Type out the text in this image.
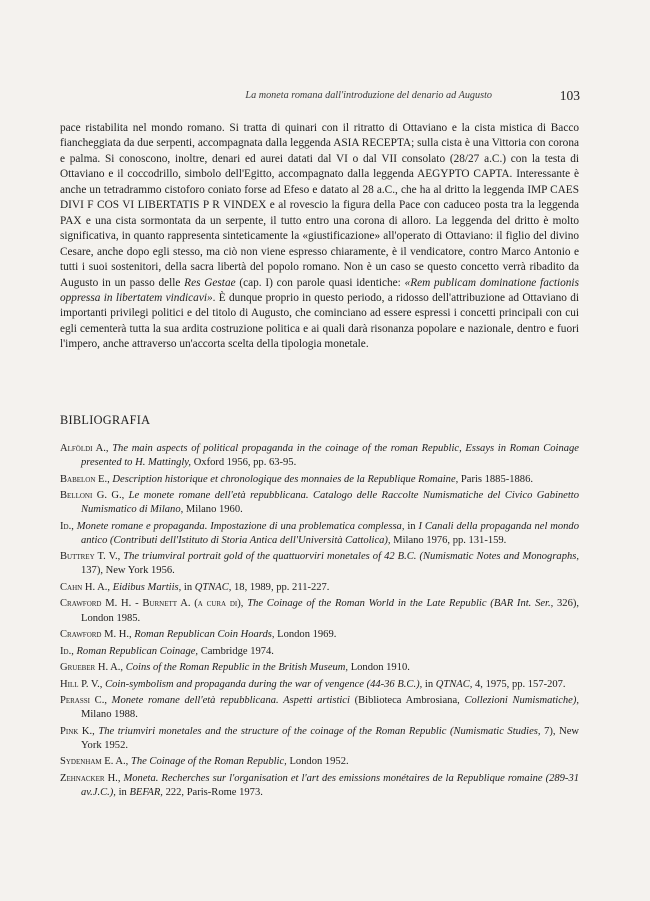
La moneta romana dall'introduzione del denario ad Augusto	103

pace ristabilita nel mondo romano. Si tratta di quinari con il ritratto di Ottaviano e la cista mistica di Bacco fiancheggiata da due serpenti, accompagnata dalla leggenda ASIA RECEPTA; sulla cista è una Vittoria con corona e palma. Si conoscono, inoltre, denari ed aurei datati dal VI o dal VII consolato (28/27 a.C.) con la testa di Ottaviano e il coccodrillo, simbolo dell'Egitto, accompagnato dalla leggenda AEGYPTO CAPTA. Interessante è anche un tetradrammo cistoforo coniato forse ad Efeso e datato al 28 a.C., che ha al dritto la leggenda IMP CAES DIVI F COS VI LIBERTATIS P R VINDEX e al rovescio la figura della Pace con caduceo posta tra la leggenda PAX e una cista sormontata da un serpente, il tutto entro una corona di alloro. La leggenda del dritto è molto significativa, in quanto rappresenta sinteticamente la «giustificazione» all'operato di Ottaviano: il figlio del divino Cesare, anche dopo egli stesso, ma ciò non viene espresso chiaramente, è il vendicatore, contro Marco Antonio e tutti i suoi sostenitori, della sacra libertà del popolo romano. Non è un caso se questo concetto verrà ribadito da Augusto in un passo delle Res Gestae (cap. I) con parole quasi identiche: «Rem publicam dominatione factionis oppressa in libertatem vindicavi». È dunque proprio in questo periodo, a ridosso dell'attribuzione ad Ottaviano di importanti privilegi politici e del titolo di Augusto, che cominciano ad essere espressi i concetti principali con cui egli cementerà tutta la sua ardita costruzione politica e ai quali darà risonanza popolare e nazionale, dentro e fuori l'impero, anche attraverso un'accorta scelta della tipologia monetale.

BIBLIOGRAFIA
Alföldi A., The main aspects of political propaganda in the coinage of the roman Republic, Essays in Roman Coinage presented to H. Mattingly, Oxford 1956, pp. 63-95.
Babelon E., Description historique et chronologique des monnaies de la Republique Romaine, Paris 1885-1886.
Belloni G. G., Le monete romane dell'età repubblicana. Catalogo delle Raccolte Numismatiche del Civico Gabinetto Numismatico di Milano, Milano 1960.
Id., Monete romane e propaganda. Impostazione di una problematica complessa, in I Canali della propaganda nel mondo antico (Contributi dell'Istituto di Storia Antica dell'Università Cattolica), Milano 1976, pp. 131-159.
Buttrey T. V., The triumviral portrait gold of the quattuorviri monetales of 42 B.C. (Numismatic Notes and Monographs, 137), New York 1956.
Cahn H. A., Eidibus Martiis, in QTNAC, 18, 1989, pp. 211-227.
Crawford M. H. - Burnett A. (a cura di), The Coinage of the Roman World in the Late Republic (BAR Int. Ser., 326), London 1985.
Crawford M. H., Roman Republican Coin Hoards, London 1969.
Id., Roman Republican Coinage, Cambridge 1974.
Grueber H. A., Coins of the Roman Republic in the British Museum, London 1910.
Hill P. V., Coin-symbolism and propaganda during the war of vengence (44-36 B.C.), in QTNAC, 4, 1975, pp. 157-207.
Perassi C., Monete romane dell'età repubblicana. Aspetti artistici (Biblioteca Ambrosiana, Collezioni Numismatiche), Milano 1988.
Pink K., The triumviri monetales and the structure of the coinage of the Roman Republic (Numismatic Studies, 7), New York 1952.
Sydenham E. A., The Coinage of the Roman Republic, London 1952.
Zehnacker H., Moneta. Recherches sur l'organisation et l'art des emissions monétaires de la Republique romaine (289-31 av.J.C.), in BEFAR, 222, Paris-Rome 1973.
